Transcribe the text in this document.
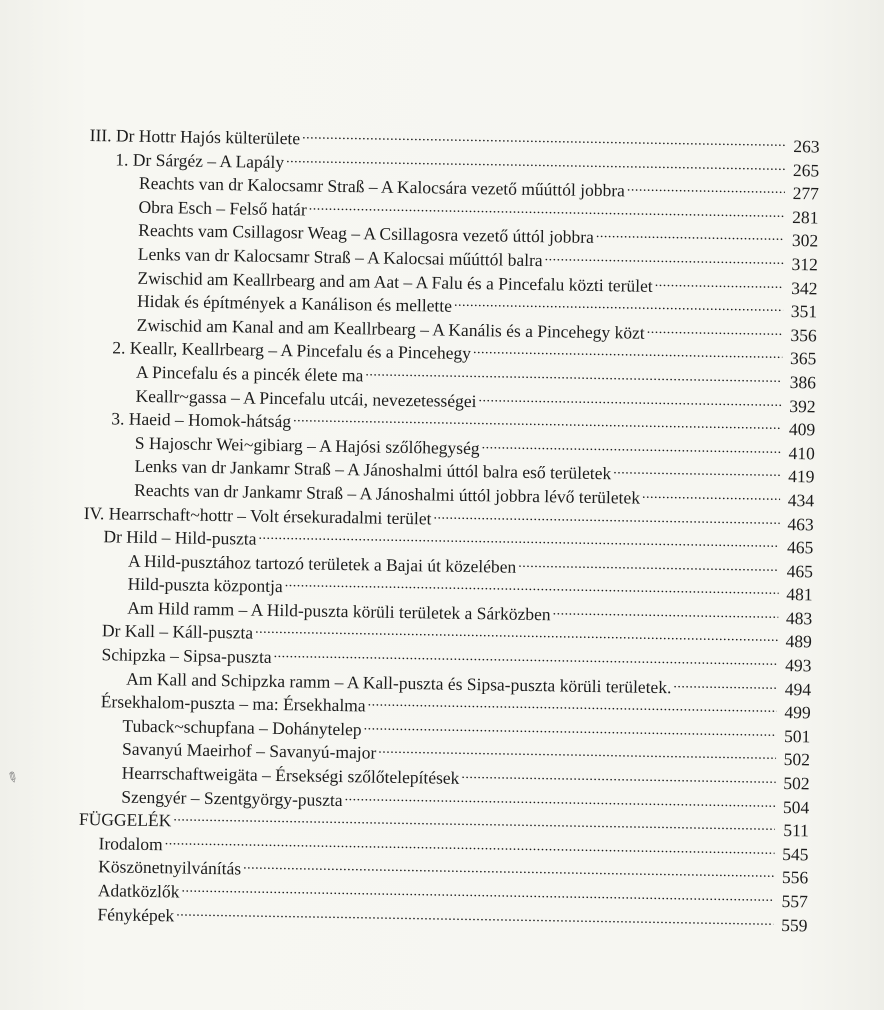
III. Dr Hottr Hajós külterülete .....	263
1. Dr Sárgéz – A Lapály .....	265
Reachts van dr Kalocsamr Straß – A Kalocsára vezető műúttól jobbra .....	277
Obra Esch – Felső határ .....	281
Reachts vam Csillagosr Weag – A Csillagosra vezető úttól jobbra .....	302
Lenks van dr Kalocsamr Straß – A Kalocsai műúttól balra .....	312
Zwischid am Keallrbearg and am Aat – A Falu és a Pincefalu közti terület .....	342
Hidak és építmények a Kanálison és mellette .....	351
Zwischid am Kanal and am Keallrbearg – A Kanális és a Pincehegy közt .....	356
2. Keallr, Keallrbearg – A Pincefalu és a Pincehegy .....	365
A Pincefalu és a pincék élete ma .....	386
Keallr~gassa – A Pincefalu utcái, nevezetességei .....	392
3. Haeid – Homok-hátság .....	409
S Hajoschr Wei~gibiarg – A Hajósi szőlőhegység .....	410
Lenks van dr Jankamr Straß – A Jánoshalmi úttól balra eső területek .....	419
Reachts van dr Jankamr Straß – A Jánoshalmi úttól jobbra lévő területek .....	434
IV. Hearrschaft~hottr – Volt érsekuradalmi terület .....	463
Dr Hild – Hild-puszta .....	465
A Hild-pusztához tartozó területek a Bajai út közelében .....	465
Hild-puszta központja .....	481
Am Hild ramm – A Hild-puszta körüli területek a Sárközben .....	483
Dr Kall – Káll-puszta .....	489
Schipzka – Sipsa-puszta .....	493
Am Kall and Schipzka ramm – A Kall-puszta és Sipsa-puszta körüli területek. .....	494
Érsekhalom-puszta – ma: Érsekhalma .....	499
Tuback~schupfana – Dohánytelep .....	501
Savanyú Maeirhof – Savanyú-major .....	502
Hearrschaftweigäta – Érsekségi szőlőtelepítések .....	502
Szengyér – Szentgyörgy-puszta .....	504
FÜGGELÉK .....	511
Irodalom .....	545
Köszönetnyilvánítás .....	556
Adatközlők .....	557
Fényképek .....	559
✎
